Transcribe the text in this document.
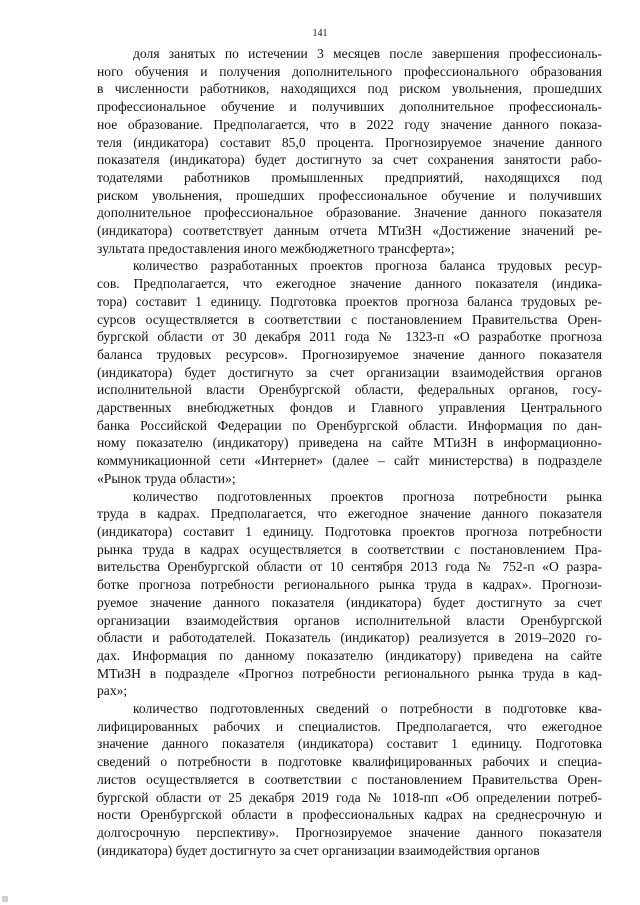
141
доля занятых по истечении 3 месяцев после завершения профессиональ-
ного обучения и получения дополнительного профессионального образования
в численности работников, находящихся под риском увольнения, прошедших
профессиональное обучение и получивших дополнительное профессиональ-
ное образование. Предполагается, что в 2022 году значение данного показа-
теля (индикатора) составит 85,0 процента. Прогнозируемое значение данного
показателя (индикатора) будет достигнуто за счет сохранения занятости рабо-
тодателями работников промышленных предприятий, находящихся под
риском увольнения, прошедших профессиональное обучение и получивших
дополнительное профессиональное образование. Значение данного показателя
(индикатора) соответствует данным отчета МТиЗН «Достижение значений ре-
зультата предоставления иного межбюджетного трансферта»;
количество разработанных проектов прогноза баланса трудовых ресур-
сов. Предполагается, что ежегодное значение данного показателя (индика-
тора) составит 1 единицу. Подготовка проектов прогноза баланса трудовых ре-
сурсов осуществляется в соответствии с постановлением Правительства Орен-
бургской области от 30 декабря 2011 года № 1323-п «О разработке прогноза
баланса трудовых ресурсов». Прогнозируемое значение данного показателя
(индикатора) будет достигнуто за счет организации взаимодействия органов
исполнительной власти Оренбургской области, федеральных органов, госу-
дарственных внебюджетных фондов и Главного управления Центрального
банка Российской Федерации по Оренбургской области. Информация по дан-
ному показателю (индикатору) приведена на сайте МТиЗН в информационно-
коммуникационной сети «Интернет» (далее – сайт министерства) в подразделе
«Рынок труда области»;
количество подготовленных проектов прогноза потребности рынка
труда в кадрах. Предполагается, что ежегодное значение данного показателя
(индикатора) составит 1 единицу. Подготовка проектов прогноза потребности
рынка труда в кадрах осуществляется в соответствии с постановлением Пра-
вительства Оренбургской области от 10 сентября 2013 года № 752-п «О разра-
ботке прогноза потребности регионального рынка труда в кадрах». Прогнози-
руемое значение данного показателя (индикатора) будет достигнуто за счет
организации взаимодействия органов исполнительной власти Оренбургской
области и работодателей. Показатель (индикатор) реализуется в 2019–2020 го-
дах. Информация по данному показателю (индикатору) приведена на сайте
МТиЗН в подразделе «Прогноз потребности регионального рынка труда в кад-
рах»;
количество подготовленных сведений о потребности в подготовке ква-
лифицированных рабочих и специалистов. Предполагается, что ежегодное
значение данного показателя (индикатора) составит 1 единицу. Подготовка
сведений о потребности в подготовке квалифицированных рабочих и специа-
листов осуществляется в соответствии с постановлением Правительства Орен-
бургской области от 25 декабря 2019 года № 1018-пп «Об определении потреб-
ности Оренбургской области в профессиональных кадрах на среднесрочную и
долгосрочную перспективу». Прогнозируемое значение данного показателя
(индикатора) будет достигнуто за счет организации взаимодействия органов
